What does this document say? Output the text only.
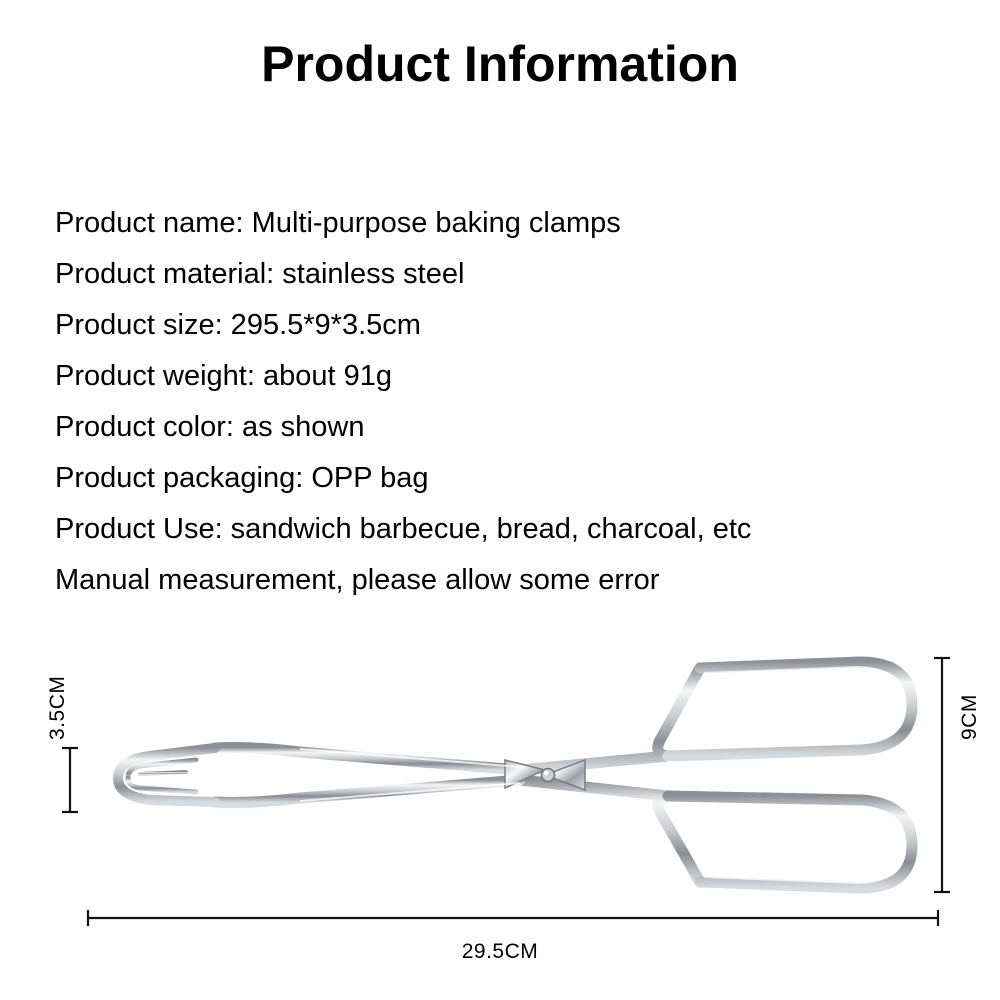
Product Information
Product name: Multi-purpose baking clamps
Product material: stainless steel
Product size: 295.5*9*3.5cm
Product weight: about 91g
Product color: as shown
Product packaging: OPP bag
Product Use: sandwich barbecue, bread, charcoal, etc
Manual measurement, please allow some error
3.5CM	9CM
29.5CM
